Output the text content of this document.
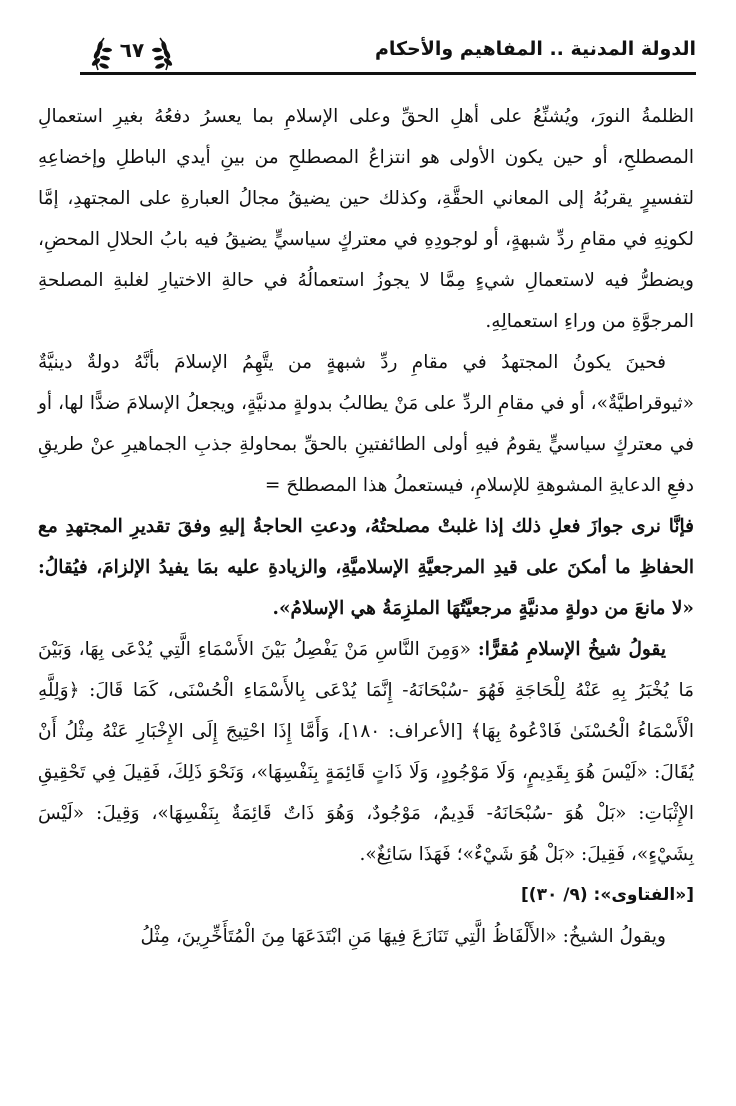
الدولة المدنية .. المفاهيم والأحكام
٦٧

الظلمةُ النورَ، ويُشنِّعُ على أهلِ الحقِّ وعلى الإسلامِ بما يعسرُ دفعُهُ بغيرِ استعمالِ المصطلحِ، أو حين يكون الأولى هو انتزاعُ المصطلحِ من بينِ أيدي الباطلِ وإخضاعِهِ لتفسيرٍ يقربُهُ إلى المعاني الحقَّةِ، وكذلك حين يضيقُ مجالُ العبارةِ على المجتهدِ، إمَّا لكونِهِ في مقامِ ردِّ شبهةٍ، أو لوجودِهِ في معتركٍ سياسيٍّ يضيقُ فيه بابُ الحلالِ المحضِ، ويضطرُّ فيه لاستعمالِ شيءٍ مِمَّا لا يجوزُ استعمالُهُ في حالةِ الاختيارِ لغلبةِ المصلحةِ المرجوَّةِ من وراءِ استعمالِهِ.

فحينَ يكونُ المجتهدُ في مقامِ ردِّ شبهةٍ من يتَّهِمُ الإسلامَ بأنَّهُ دولةٌ دينيَّةٌ «ثيوقراطيَّةٌ»، أو في مقامِ الردِّ على مَنْ يطالبُ بدولةٍ مدنيَّةٍ، ويجعلُ الإسلامَ ضدًّا لها، أو في معتركٍ سياسيٍّ يقومُ فيهِ أولى الطائفتينِ بالحقِّ بمحاولةِ جذبِ الجماهيرِ عنْ طريقِ دفعِ الدعايةِ المشوهةِ للإسلامِ، فيستعملُ هذا المصطلحَ =

فإنَّا نرى جوازَ فعلِ ذلك إذا غلبتْ مصلحتُهُ، ودعتِ الحاجةُ إليهِ وفقَ تقديرِ المجتهدِ مع الحفاظِ ما أمكنَ على قيدِ المرجعيَّةِ الإسلاميَّةِ، والزيادةِ عليه بمَا يفيدُ الإلزامَ، فيُقالُ: «لا مانعَ من دولةٍ مدنيَّةٍ مرجعيَّتُهَا الملزِمَةُ هي الإسلامُ».

يقولُ شيخُ الإسلامِ مُقرًّا: «وَمِنَ النَّاسِ مَنْ يَفْصِلُ بَيْنَ الأَسْمَاءِ الَّتِي يُدْعَى بِهَا، وَبَيْنَ مَا يُخْبَرُ بِهِ عَنْهُ لِلْحَاجَةِ فَهُوَ -سُبْحَانَهُ- إِنَّمَا يُدْعَى بِالأَسْمَاءِ الْحُسْنَى، كَمَا قَالَ: ﴿وَلِلَّهِ الْأَسْمَاءُ الْحُسْنَىٰ فَادْعُوهُ بِهَا﴾ [الأعراف: ١٨٠]، وَأَمَّا إِذَا احْتِيجَ إِلَى الإِخْبَارِ عَنْهُ مِثْلُ أَنْ يُقَالَ: «لَيْسَ هُوَ بِقَدِيمٍ، وَلَا مَوْجُودٍ، وَلَا ذَاتٍ قَائِمَةٍ بِنَفْسِهَا»، وَنَحْوَ ذَلِكَ، فَقِيلَ فِي تَحْقِيقِ الإِثْبَاتِ: «بَلْ هُوَ -سُبْحَانَهُ- قَدِيمٌ، مَوْجُودٌ، وَهُوَ ذَاتٌ قَائِمَةٌ بِنَفْسِهَا»، وَقِيلَ: «لَيْسَ بِشَيْءٍ»، فَقِيلَ: «بَلْ هُوَ شَيْءٌ»؛ فَهَذَا سَائِغٌ».

[«الفتاوى»: (٩/ ٣٠)]

ويقولُ الشيخُ: «الأَلْفَاظُ الَّتِي تَنَازَعَ فِيهَا مَنِ ابْتَدَعَهَا مِنَ الْمُتَأَخِّرِينَ، مِثْلُ
